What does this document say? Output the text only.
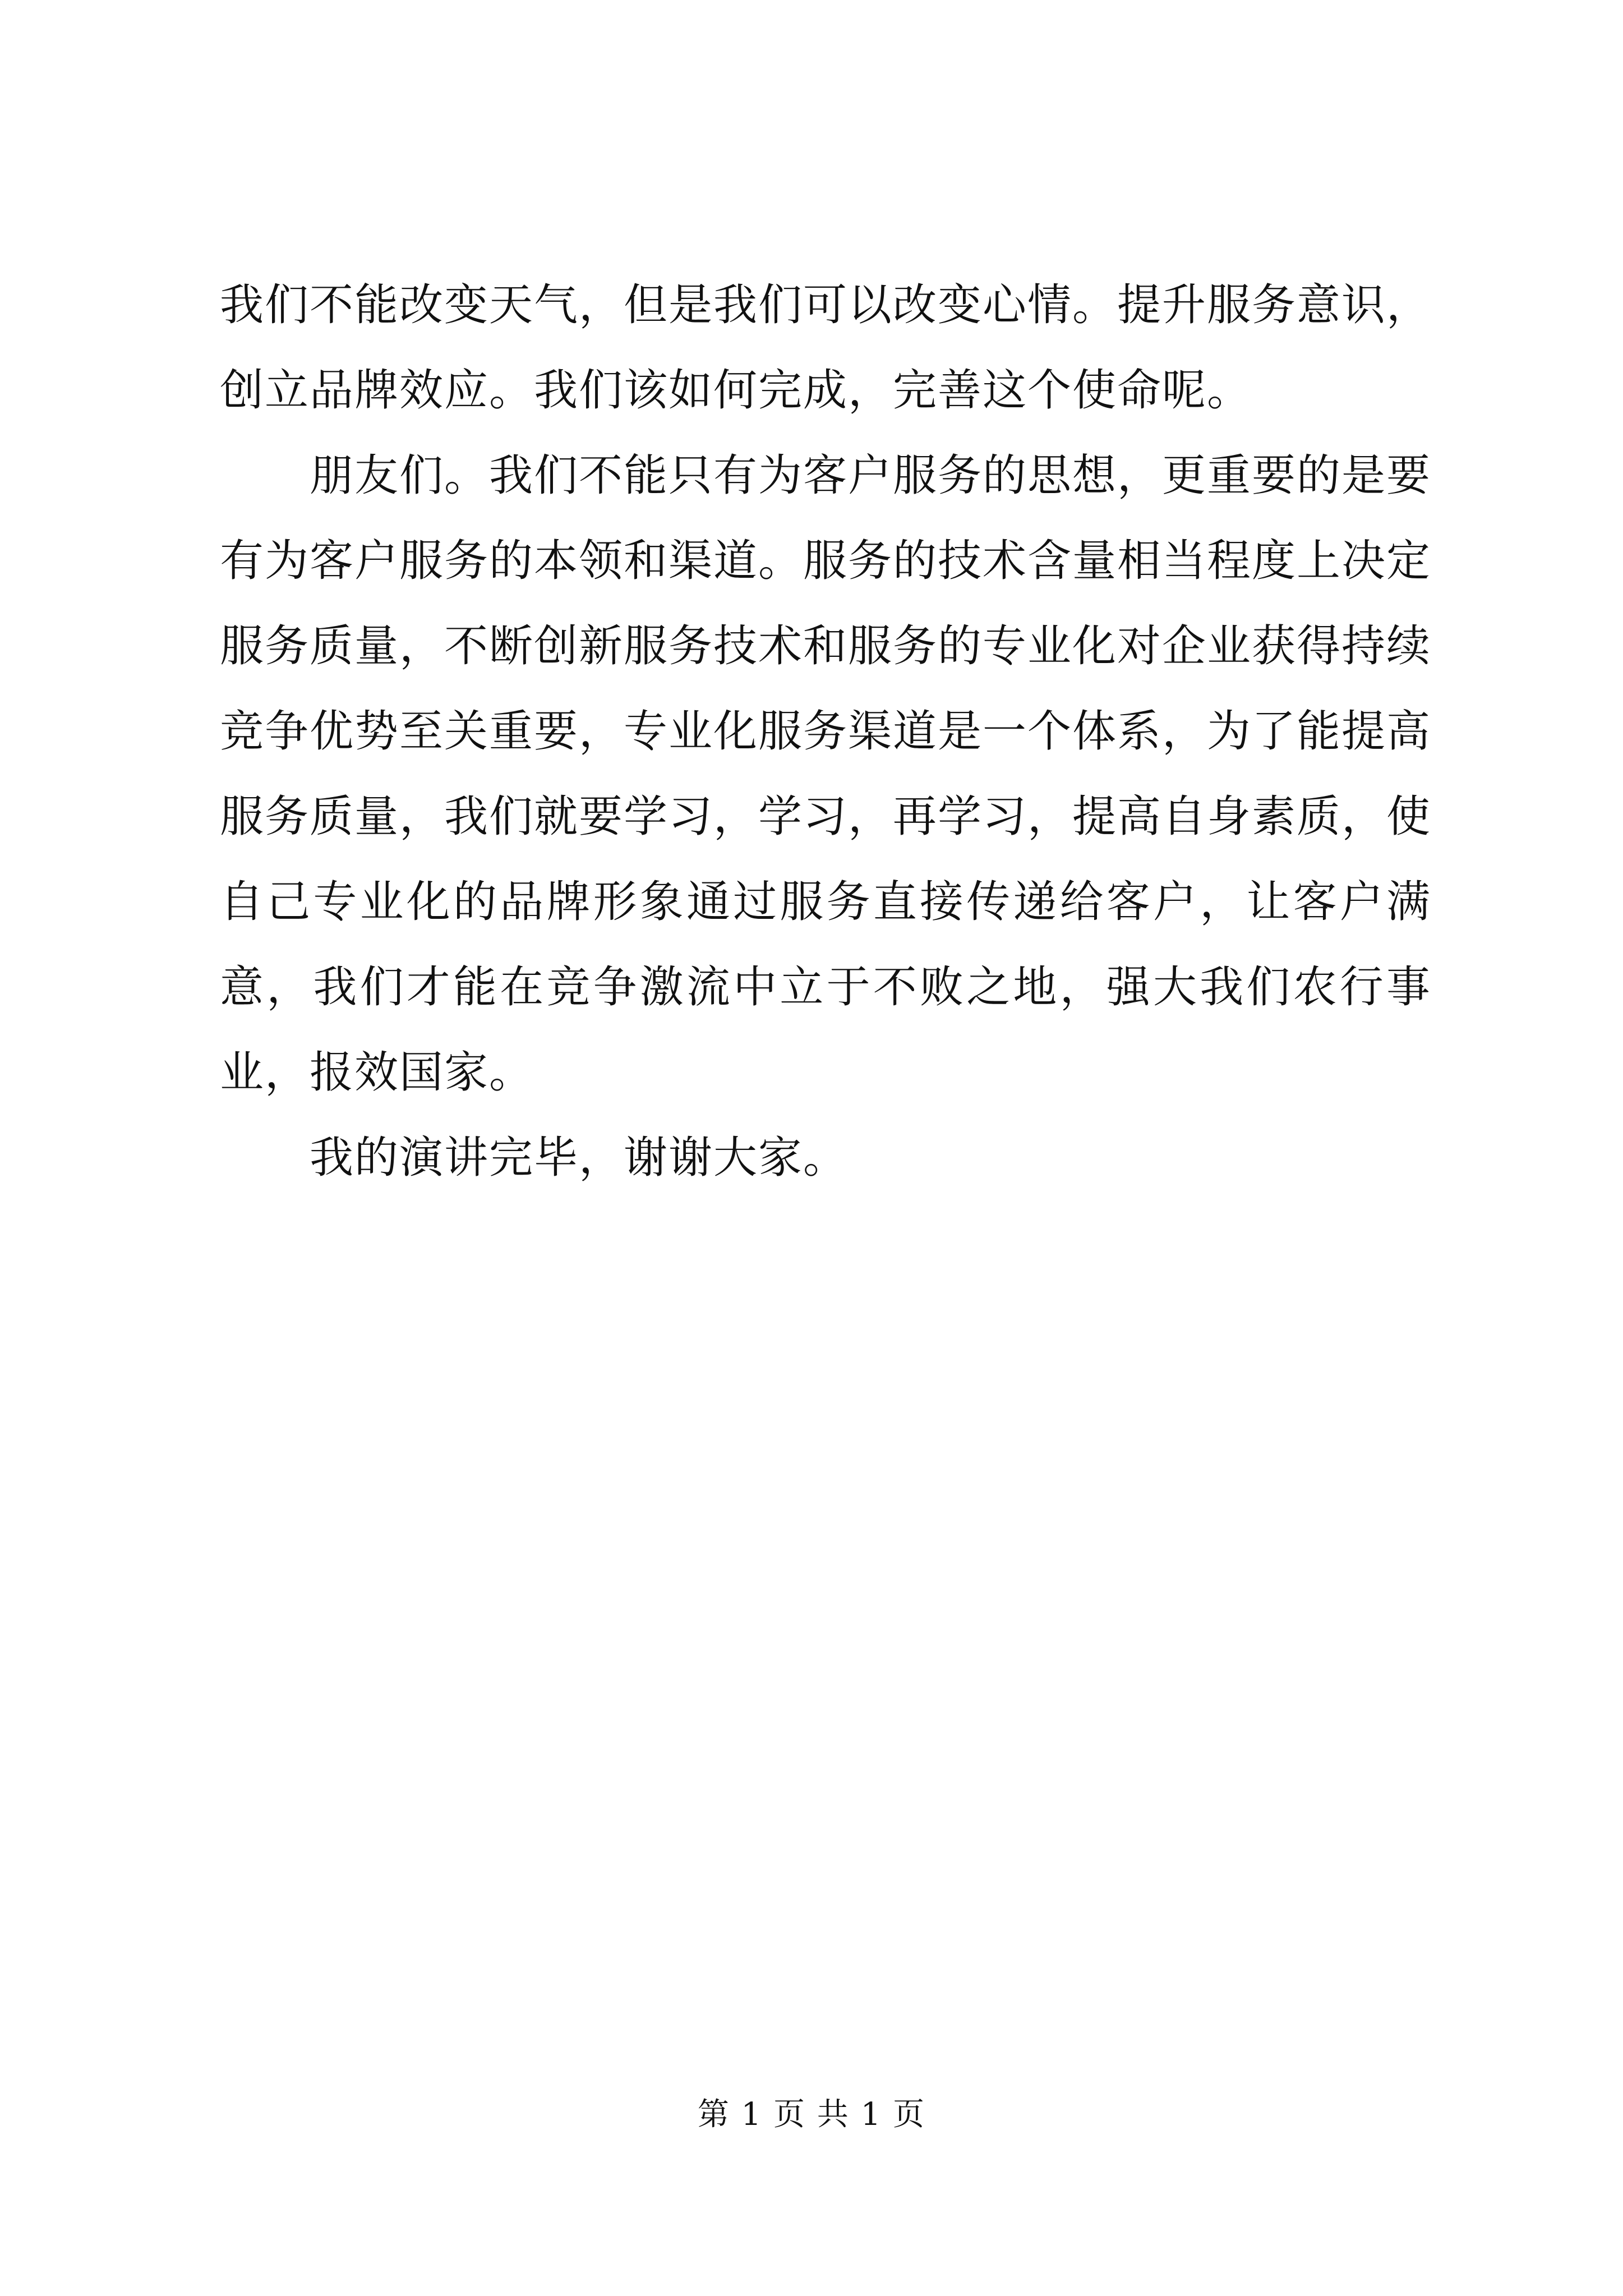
我们不能改变天气，但是我们可以改变心情。提升服务意识，创立品牌效应。我们该如何完成，完善这个使命呢。

朋友们。我们不能只有为客户服务的思想，更重要的是要有为客户服务的本领和渠道。服务的技术含量相当程度上决定服务质量，不断创新服务技术和服务的专业化对企业获得持续竞争优势至关重要，专业化服务渠道是一个体系，为了能提高服务质量，我们就要学习，学习，再学习，提高自身素质，使自己专业化的品牌形象通过服务直接传递给客户，让客户满意，我们才能在竞争激流中立于不败之地，强大我们农行事业，报效国家。

我的演讲完毕，谢谢大家。

第 1 页 共 1 页
